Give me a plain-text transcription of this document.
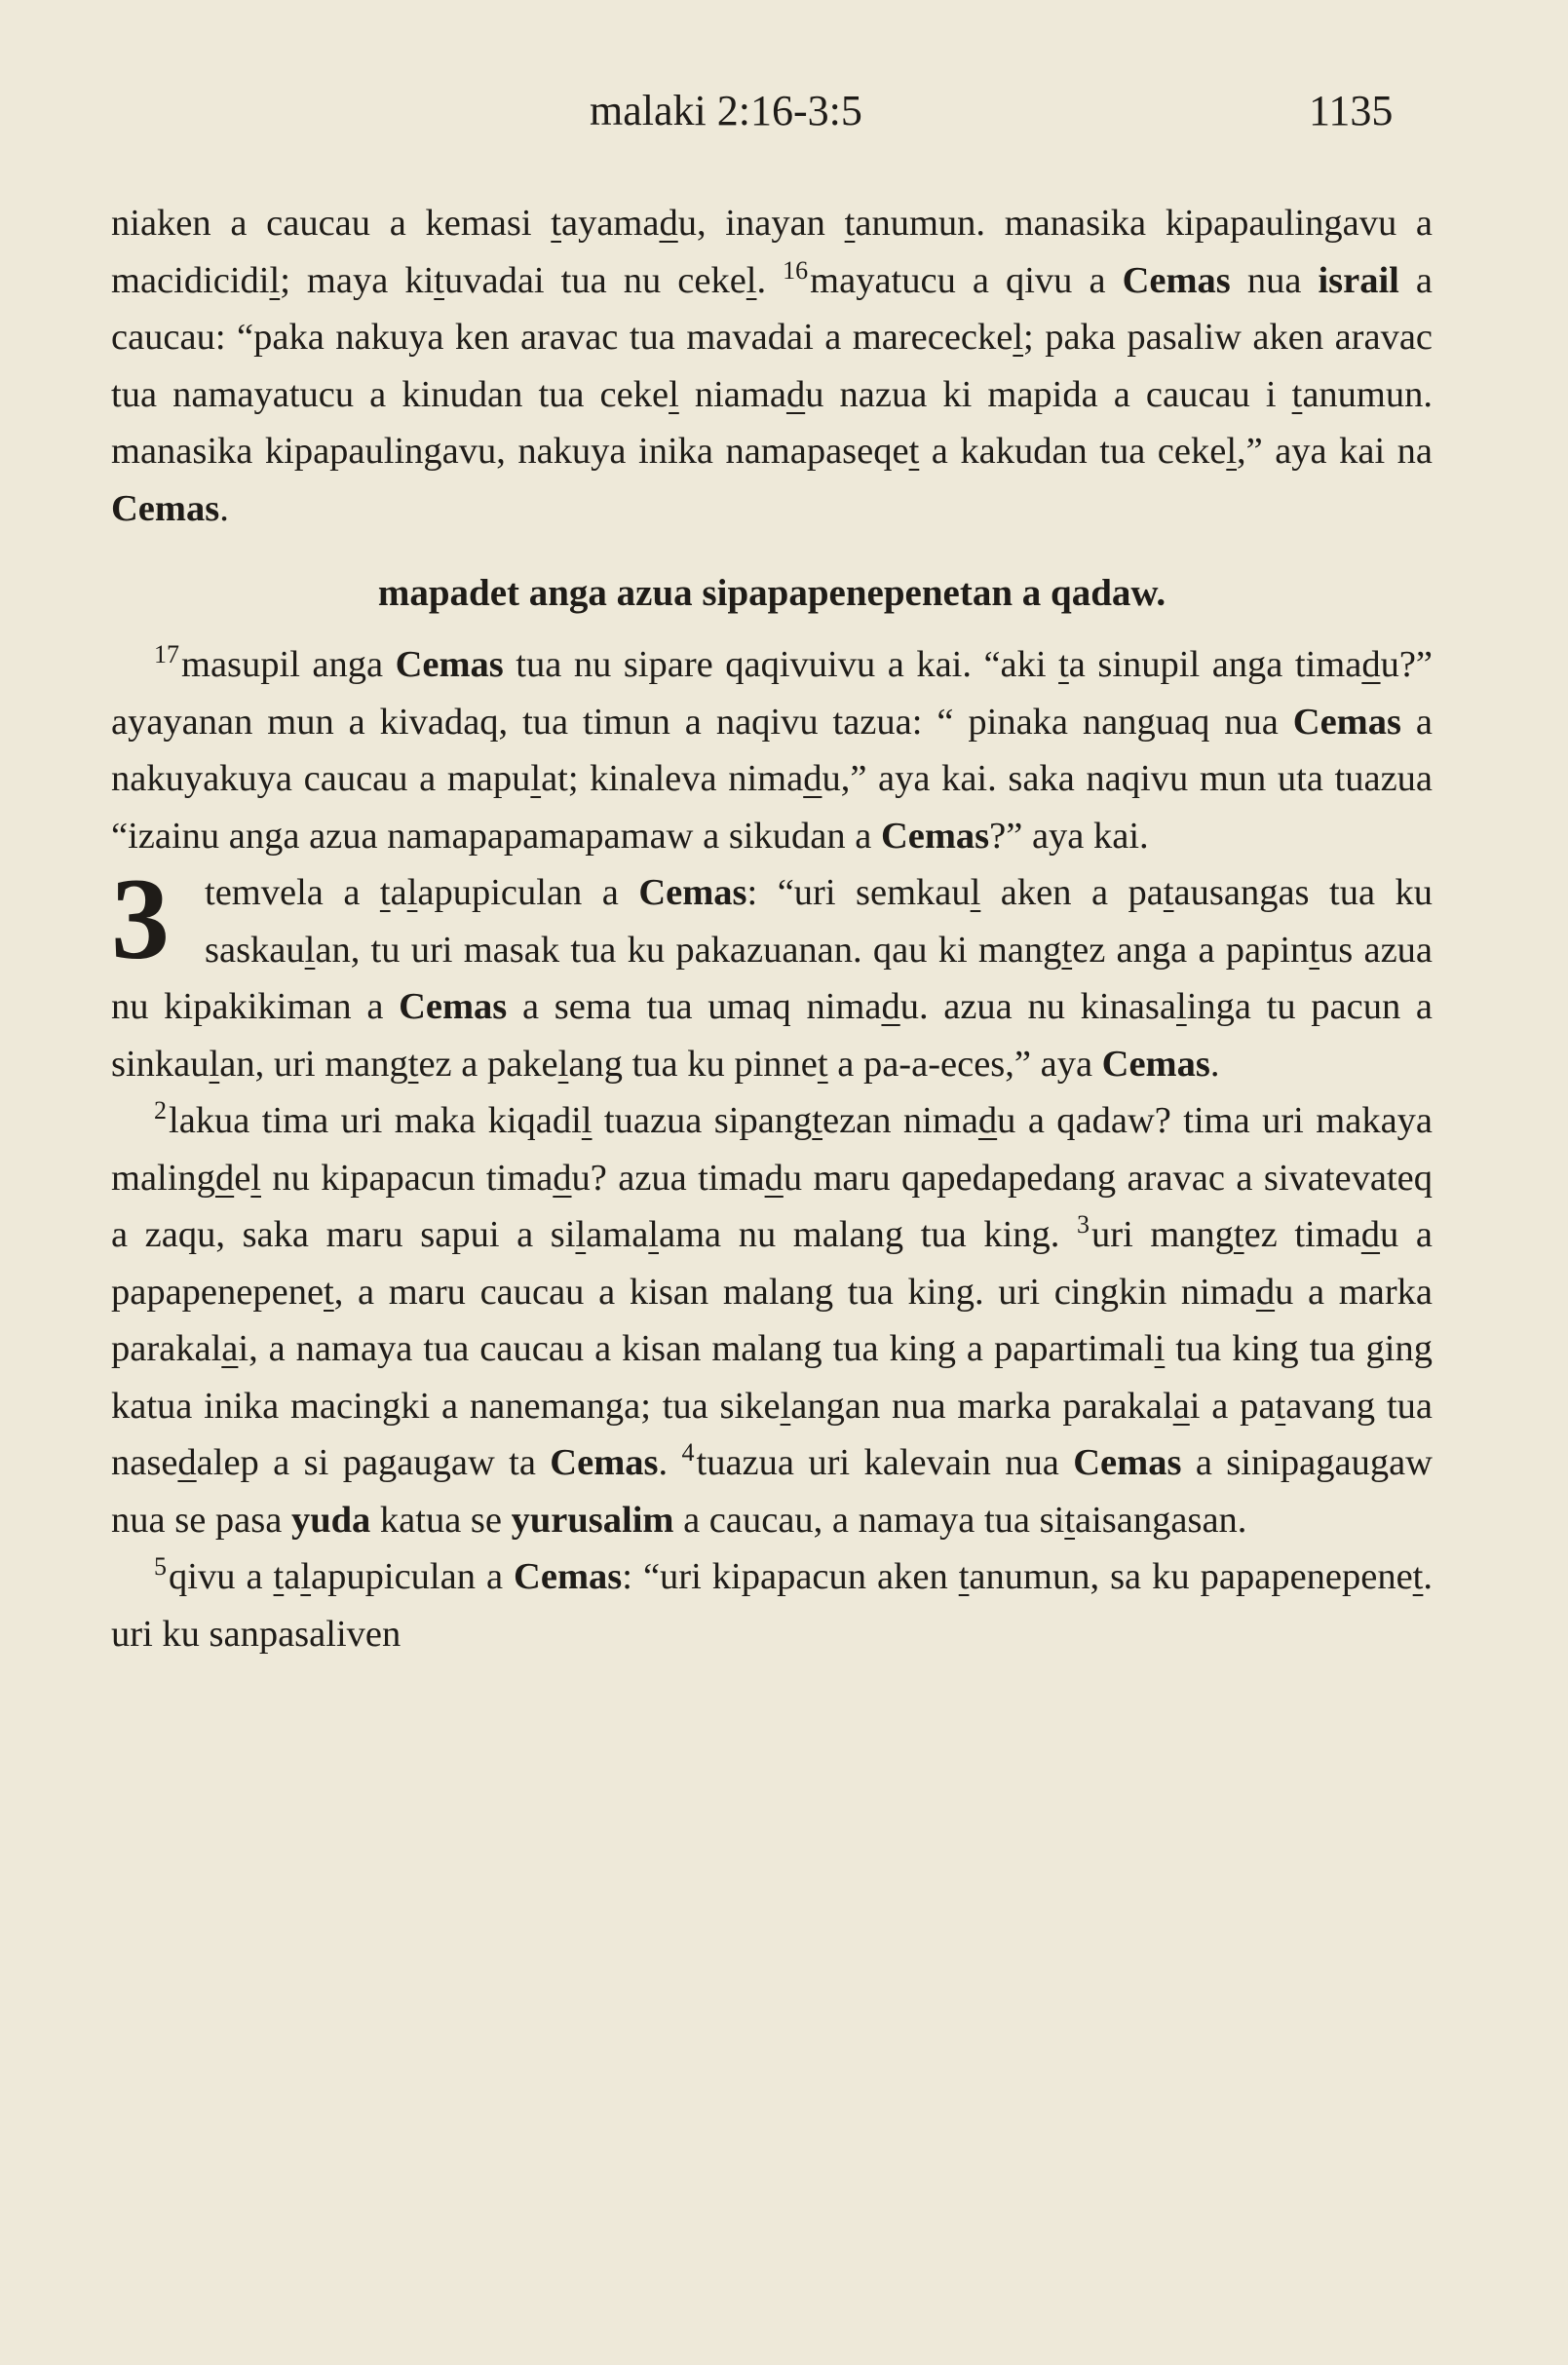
malaki 2:16-3:5	1135

niaken a caucau a kemasi tayamadu, inayan tanumun. manasika kipapaulingavu a macidicidil; maya kituvadai tua nu cekel. $^{16}$mayatucu a qivu a Cemas nua israil a caucau: “paka nakuya ken aravac tua mavadai a marececkel; paka pasaliw aken aravac tua namayatucu a kinudan tua cekel niamadu nazua ki mapida a caucau i tanumun. manasika kipapaulingavu, nakuya inika namapaseqet a kakudan tua cekel,” aya kai na Cemas.

mapadet anga azua sipapapenepenetan a qadaw.

$^{17}$masupil anga Cemas tua nu sipare qaqivuivu a kai. “aki ta sinupil anga timadu?” ayayanan mun a kivadaq, tua timun a naqivu tazua: “ pinaka nanguaq nua Cemas a nakuyakuya caucau a mapulat; kinaleva nimadu,” aya kai. saka naqivu mun uta tuazua “izainu anga azua namapapamapamaw a sikudan a Cemas?” aya kai.

3 temvela a talapupiculan a Cemas: “uri semkaul aken a patausangas tua ku saskaulan, tu uri masak tua ku pakazuanan. qau ki mangtez anga a papintus azua nu kipakikiman a Cemas a sema tua umaq nimadu. azua nu kinasalinga tu pacun a sinkaulan, uri mangtez a pakelang tua ku pinnet a pa-a-eces,” aya Cemas.

$^2$lakua tima uri maka kiqadil tuazua sipangtezan nimadu a qadaw? tima uri makaya malingdel nu kipapacun timadu? azua timadu maru qapedapedang aravac a sivatevateq a zaqu, saka maru sapui a silamalama nu malang tua king. $^3$uri mangtez timadu a papapenepenet, a maru caucau a kisan malang tua king. uri cingkin nimadu a marka parakalai, a namaya tua caucau a kisan malang tua king a papartimali tua king tua ging katua inika macingki a nanemanga; tua sikelangan nua marka parakalai a patavang tua nasedalep a si pagaugaw ta Cemas. $^4$tuazua uri kalevain nua Cemas a sinipagaugaw nua se pasa yuda katua se yurusalim a caucau, a namaya tua sitaisangasan.

$^5$qivu a talapupiculan a Cemas: “uri kipapacun aken tanumun, sa ku papapenepenet. uri ku sanpasaliven
